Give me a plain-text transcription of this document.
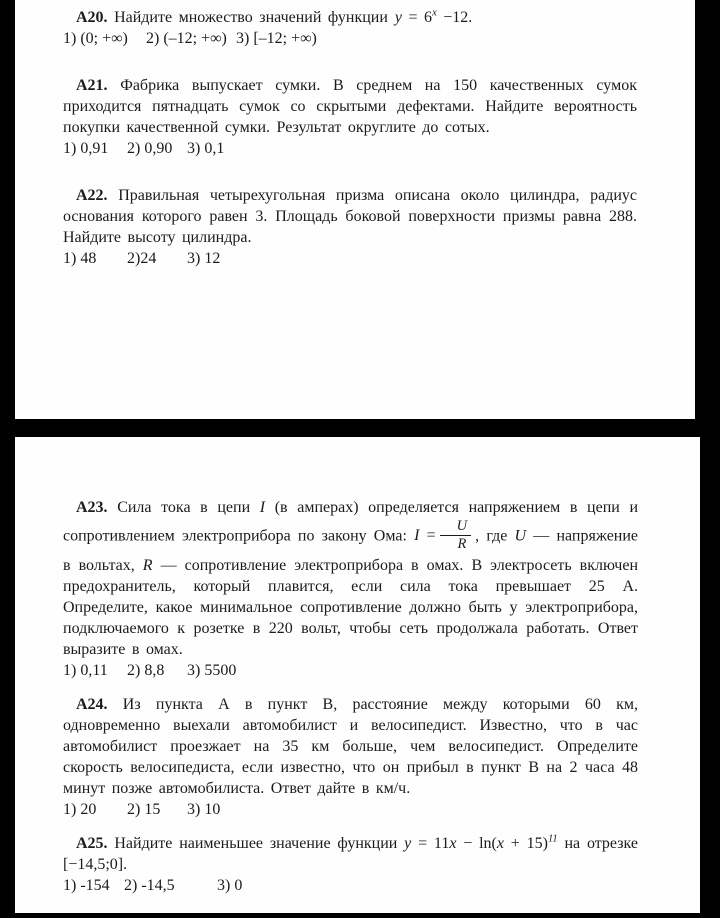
А20. Найдите множество значений функции $y = 6^x -12$.

1) (0; +∞) 2) (–12; +∞) 3) [–12; +∞)

А21. Фабрика выпускает сумки. В среднем на 150 качественных сумок приходится пятнадцать сумок со скрытыми дефектами. Найдите вероятность покупки качественной сумки. Результат округлите до сотых.

1) 0,91 2) 0,90 3) 0,1

А22. Правильная четырехугольная призма описана около цилиндра, радиус основания которого равен 3. Площадь боковой поверхности призмы равна 288. Найдите высоту цилиндра.

1) 48 2)24 3) 12

А23. Сила тока в цепи I (в амперах) определяется напряжением в цепи и сопротивлением электроприбора по закону Ома: $I = \frac{U}{R}$ , где U — напряжение в вольтах, R — сопротивление электроприбора в омах. В электросеть включен предохранитель, который плавится, если сила тока превышает 25 А. Определите, какое минимальное сопротивление должно быть у электроприбора, подключаемого к розетке в 220 вольт, чтобы сеть продолжала работать. Ответ выразите в омах.

1) 0,11 2) 8,8 3) 5500

А24. Из пункта А в пункт В, расстояние между которыми 60 км, одновременно выехали автомобилист и велосипедист. Известно, что в час автомобилист проезжает на 35 км больше, чем велосипедист. Определите скорость велосипедиста, если известно, что он прибыл в пункт В на 2 часа 48 минут позже автомобилиста. Ответ дайте в км/ч.

1) 20 2) 15 3) 10

А25. Найдите наименьшее значение функции $y = 11x - \ln(x + 15)^{11}$ на отрезке

[−14,5;0].

1) -154 2) -14,5	3) 0
